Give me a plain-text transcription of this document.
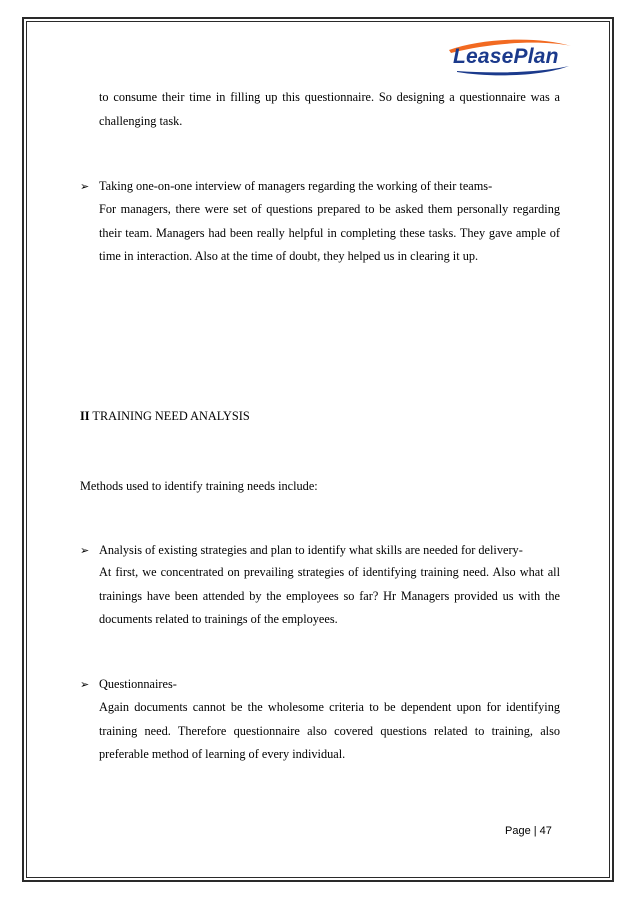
LeasePlan
to consume their time in filling up this questionnaire. So designing a questionnaire was a challenging task.
➢ Taking one-on-one interview of managers regarding the working of their teams-
For managers, there were set of questions prepared to be asked them personally regarding their team. Managers had been really helpful in completing these tasks. They gave ample of time in interaction. Also at the time of doubt, they helped us in clearing it up.
II TRAINING NEED ANALYSIS
Methods used to identify training needs include:
➢ Analysis of existing strategies and plan to identify what skills are needed for delivery-
At first, we concentrated on prevailing strategies of identifying training need. Also what all trainings have been attended by the employees so far? Hr Managers provided us with the documents related to trainings of the employees.
➢ Questionnaires-
Again documents cannot be the wholesome criteria to be dependent upon for identifying training need. Therefore questionnaire also covered questions related to training, also preferable method of learning of every individual.
Page | 47
